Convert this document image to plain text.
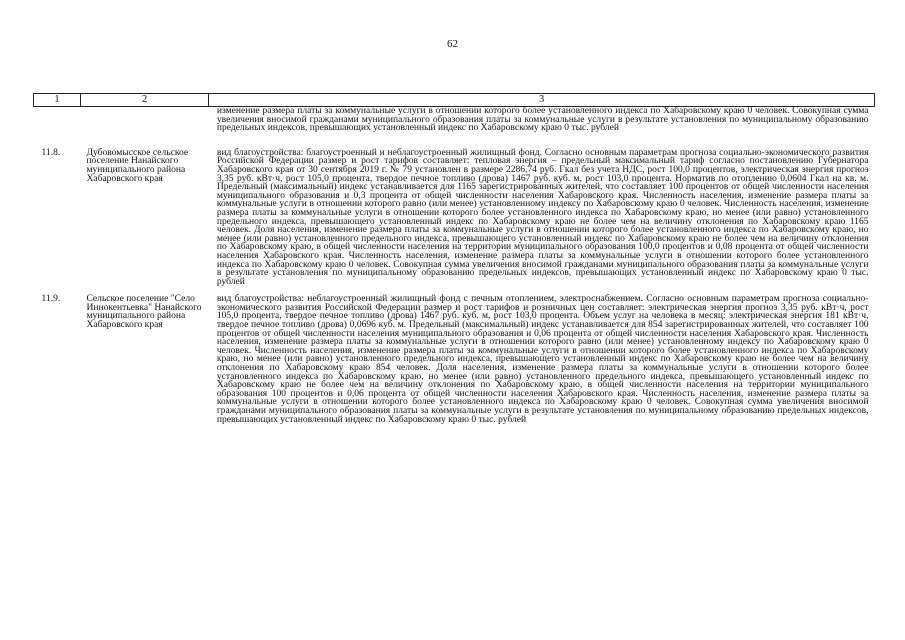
62
1	2	3
		изменение размера платы за коммунальные услуги в отношении которого более установленного индекса по Хабаровскому краю 0 человек. Совокупная сумма увеличения вносимой гражданами муниципального образования платы за коммунальные услуги в результате установления по муниципальному образованию предельных индексов, превышающих установленный индекс по Хабаровскому краю 0 тыс. рублей
11.8.	Дубовомысское сельское поселение Нанайского муниципального района Хабаровского края	вид благоустройства: благоустроенный и неблагоустроенный жилищный фонд. Согласно основным параметрам прогноза социально-экономического развития Российской Федерации размер и рост тарифов составляет: тепловая энергия – предельный максимальный тариф согласно постановлению Губернатора Хабаровского края от 30 сентября 2019 г. № 79 установлен в размере 2286,74 руб. Гкал без учета НДС, рост 100,0 процентов, электрическая энергия прогноз 3,35 руб. кВт·ч, рост 105,0 процента, твердое печное топливо (дрова) 1467 руб. куб. м, рост 103,0 процента. Норматив по отоплению 0,0604 Гкал на кв. м. Предельный (максимальный) индекс устанавливается для 1165 зарегистрированных жителей, что составляет 100 процентов от общей численности населения муниципального образования и 0,3 процента от общей численности населения Хабаровского края. Численность населения, изменение размера платы за коммунальные услуги в отношении которого равно (или менее) установленному индексу по Хабаровскому краю 0 человек. Численность населения, изменение размера платы за коммунальные услуги в отношении которого более установленного индекса по Хабаровскому краю, но менее (или равно) установленного предельного индекса, превышающего установленный индекс по Хабаровскому краю не более чем на величину отклонения по Хабаровскому краю 1165 человек. Доля населения, изменение размера платы за коммунальные услуги в отношении которого более установленного индекса по Хабаровскому краю, но менее (или равно) установленного предельного индекса, превышающего установленный индекс по Хабаровскому краю не более чем на величину отклонения по Хабаровскому краю, в общей численности населения на территории муниципального образования 100,0 процентов и 0,08 процента от общей численности населения Хабаровского края. Численность населения, изменение размера платы за коммунальные услуги в отношении которого более установленного индекса по Хабаровскому краю 0 человек. Совокупная сумма увеличения вносимой гражданами муниципального образования платы за коммунальные услуги в результате установления по муниципальному образованию предельных индексов, превышающих установленный индекс по Хабаровскому краю 0 тыс. рублей
11.9.	Сельское поселение "Село Иннокентьевка" Нанайского муниципального района Хабаровского края	вид благоустройства: неблагоустроенный жилищный фонд с печным отоплением, электроснабжением. Согласно основным параметрам прогноза социально-экономического развития Российской Федерации размер и рост тарифов и розничных цен составляет: электрическая энергия прогноз 3,35 руб. кВт·ч, рост 105,0 процента, твердое печное топливо (дрова) 1467 руб. куб. м, рост 103,0 процента. Объем услуг на человека в месяц: электрическая энергия 181 кВт·ч, твердое печное топливо (дрова) 0,0696 куб. м. Предельный (максимальный) индекс устанавливается для 854 зарегистрированных жителей, что составляет 100 процентов от общей численности населения муниципального образования и 0,06 процента от общей численности населения Хабаровского края. Численность населения, изменение размера платы за коммунальные услуги в отношении которого равно (или менее) установленному индексу по Хабаровскому краю 0 человек. Численность населения, изменение размера платы за коммунальные услуги в отношении которого более установленного индекса по Хабаровскому краю, но менее (или равно) установленного предельного индекса, превышающего установленный индекс по Хабаровскому краю не более чем на величину отклонения по Хабаровскому краю 854 человек. Доля населения, изменение размера платы за коммунальные услуги в отношении которого более установленного индекса по Хабаровскому краю, но менее (или равно) установленного предельного индекса, превышающего установленный индекс по Хабаровскому краю не более чем на величину отклонения по Хабаровскому краю, в общей численности населения на территории муниципального образования 100 процентов и 0,06 процента от общей численности населения Хабаровского края. Численность населения, изменение размера платы за коммунальные услуги в отношении которого более установленного индекса по Хабаровскому краю 0 человек. Совокупная сумма увеличения вносимой гражданами муниципального образования платы за коммунальные услуги в результате установления по муниципальному образованию предельных индексов, превышающих установленный индекс по Хабаровскому краю 0 тыс. рублей
